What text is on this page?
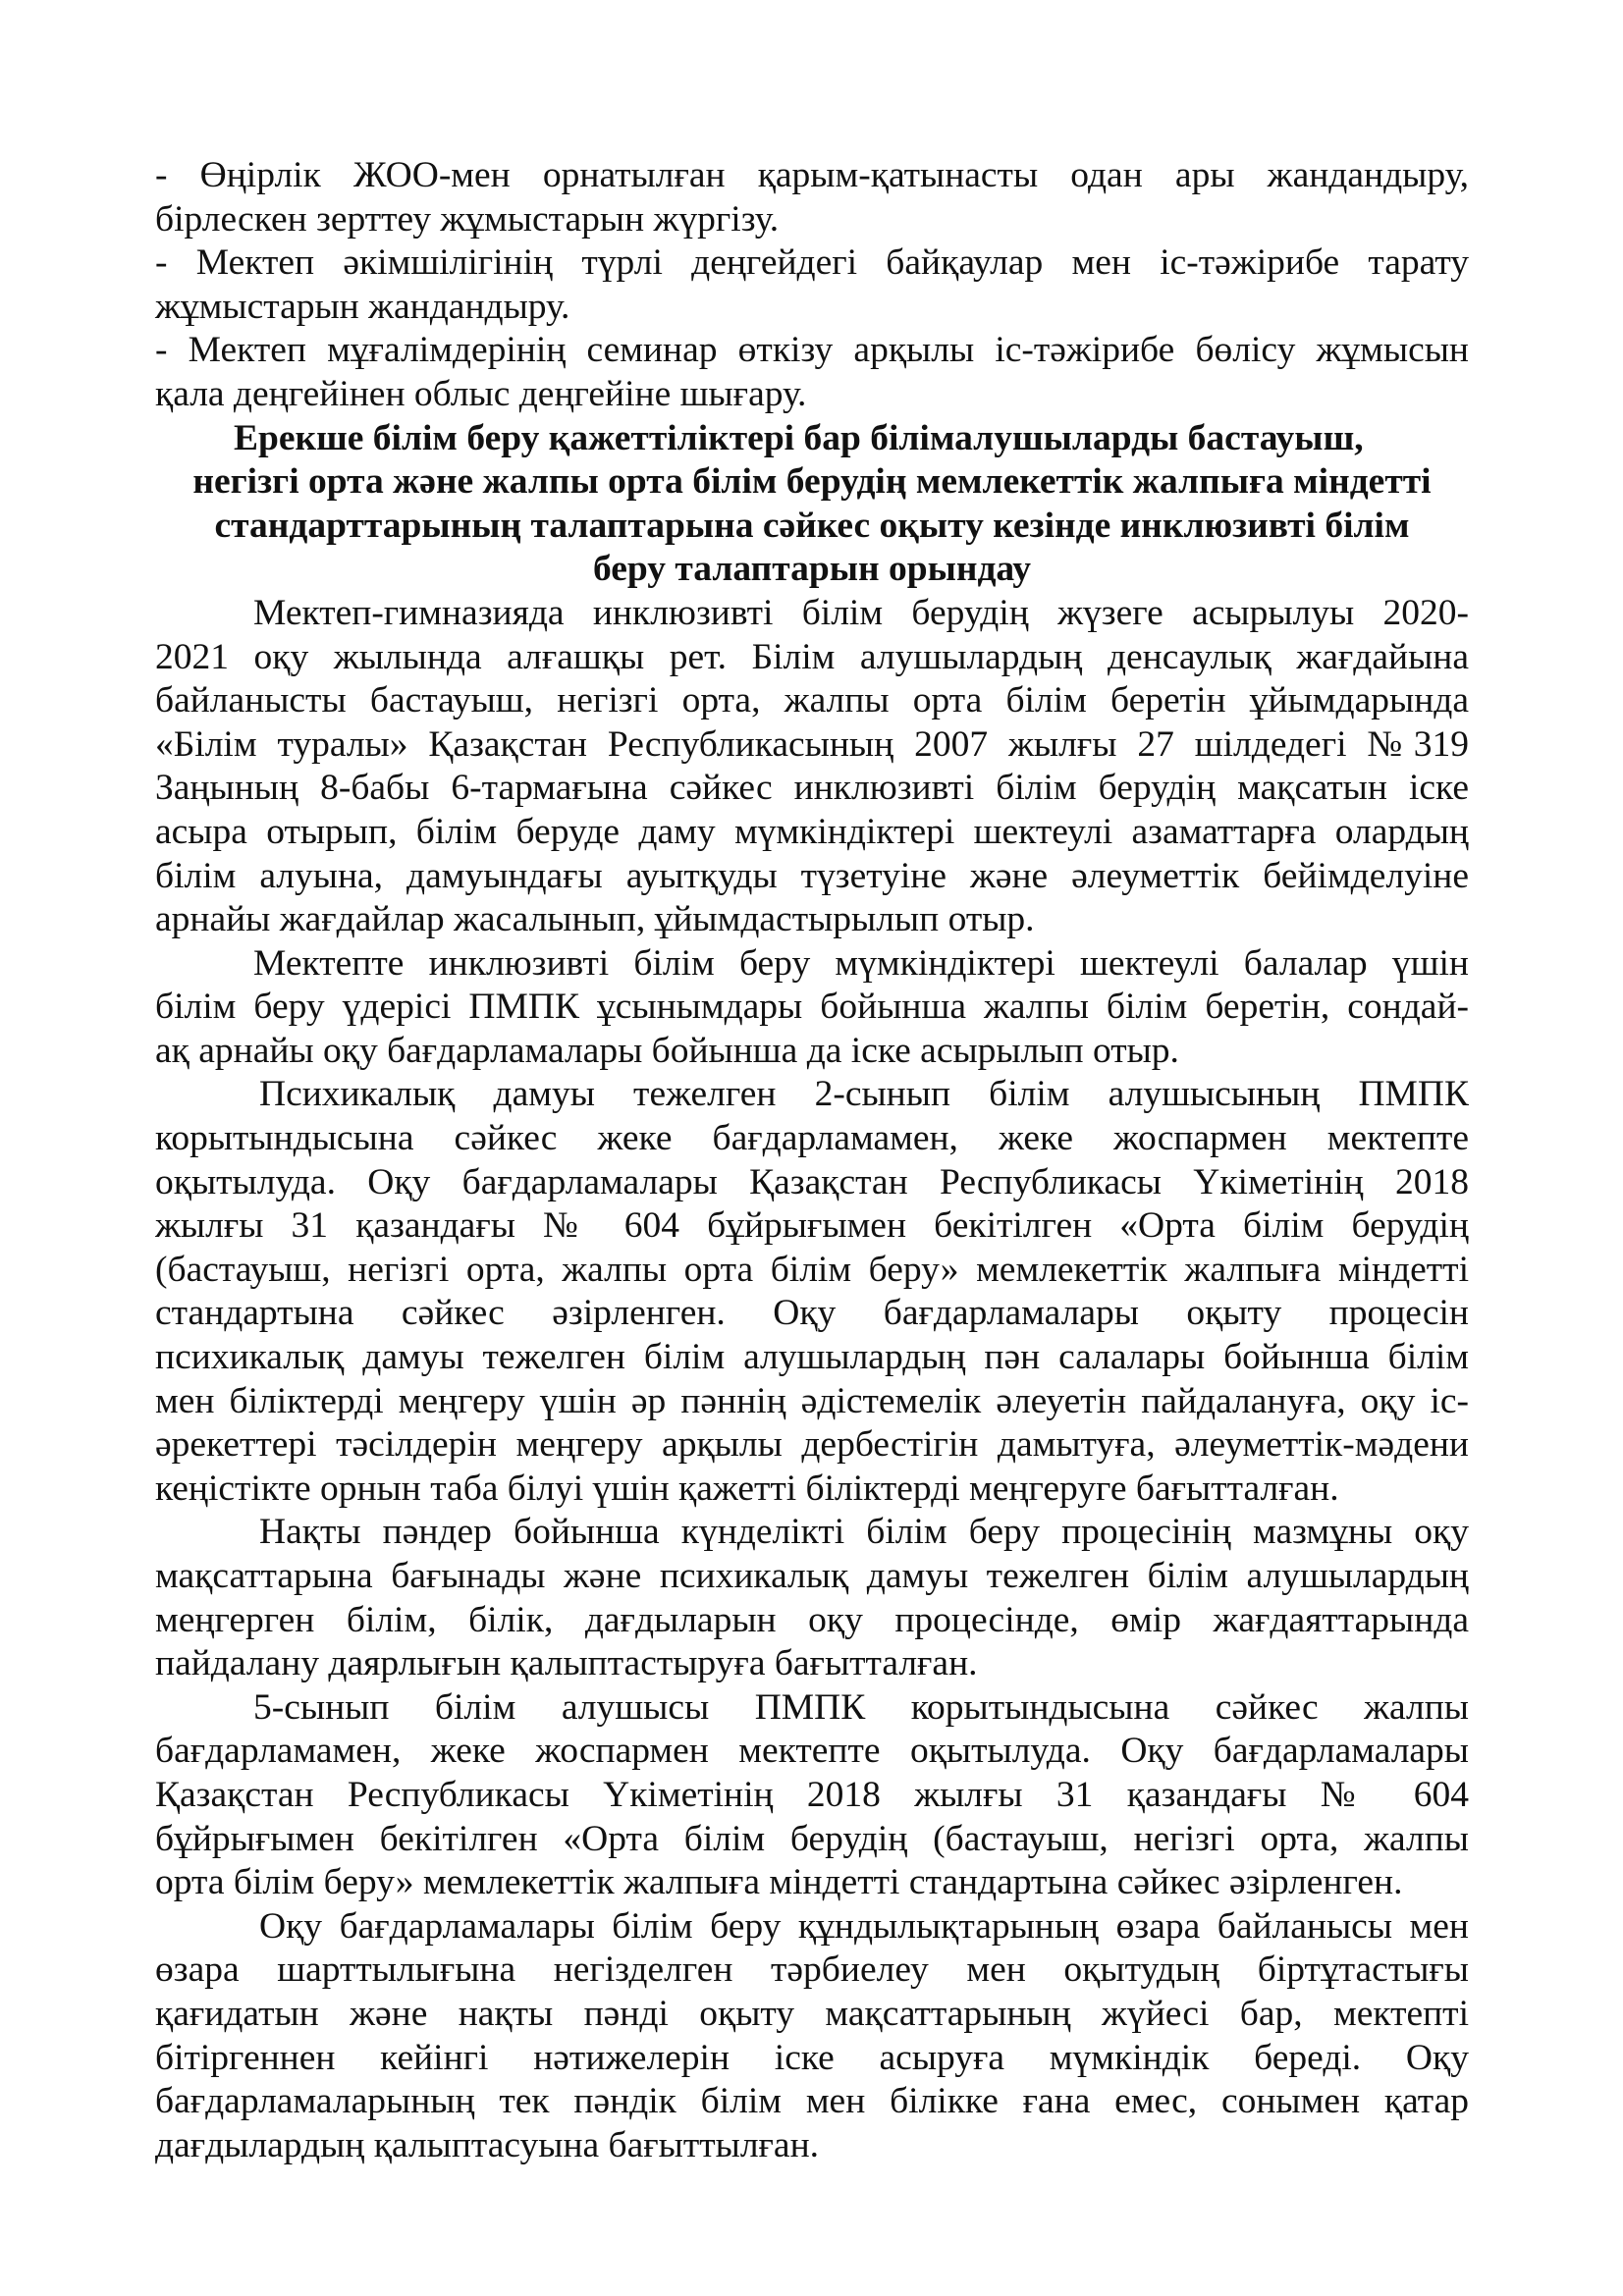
- Өңірлік ЖОО-мен орнатылған қарым-қатынасты одан ары жандандыру,
бірлескен зерттеу жұмыстарын жүргізу.
- Мектеп әкімшілігінің түрлі деңгейдегі байқаулар мен іс-тәжірибе тарату
жұмыстарын жандандыру.
- Мектеп мұғалімдерінің семинар өткізу арқылы іс-тәжірибе бөлісу жұмысын
қала деңгейінен облыс деңгейіне шығару.
Ерекше білім беру қажеттіліктері бар білімалушыларды бастауыш,
негізгі орта және жалпы орта білім берудің мемлекеттік жалпыға міндетті
стандарттарының талаптарына сәйкес оқыту кезінде инклюзивті білім
беру талаптарын орындау
Мектеп-гимназияда инклюзивті білім берудің жүзеге асырылуы 2020-
2021 оқу жылында алғашқы рет. Білім алушылардың денсаулық жағдайына
байланысты бастауыш, негізгі орта, жалпы орта білім беретін ұйымдарында
«Білім туралы» Қазақстан Республикасының 2007 жылғы 27 шілдедегі №319
Заңының 8-бабы 6-тармағына сәйкес инклюзивті білім берудің мақсатын іске
асыра отырып, білім беруде даму мүмкіндіктері шектеулі азаматтарға олардың
білім алуына, дамуындағы ауытқуды түзетуіне және әлеуметтік бейімделуіне
арнайы жағдайлар жасалынып, ұйымдастырылып отыр.
Мектепте инклюзивті білім беру мүмкіндіктері шектеулі балалар үшін
білім беру үдерісі ПМПК ұсынымдары бойынша жалпы білім беретін, сондай-
ақ арнайы оқу бағдарламалары бойынша да іске асырылып отыр.
Психикалық дамуы тежелген 2-сынып білім алушысының ПМПК
корытындысына сәйкес жеке бағдарламамен, жеке жоспармен мектепте
оқытылуда. Оқу бағдарламалары Қазақстан Республикасы Үкіметінің 2018
жылғы 31 қазандағы № 604 бұйрығымен бекітілген «Орта білім берудің
(бастауыш, негізгі орта, жалпы орта білім беру» мемлекеттік жалпыға міндетті
стандартына сәйкес әзірленген. Оқу бағдарламалары оқыту процесін
психикалық дамуы тежелген білім алушылардың пән салалары бойынша білім
мен біліктерді меңгеру үшін әр пәннің әдістемелік әлеуетін пайдалануға, оқу іс-
әрекеттері тәсілдерін меңгеру арқылы дербестігін дамытуға, әлеуметтік-мәдени
кеңістікте орнын таба білуі үшін қажетті біліктерді меңгеруге бағытталған.
Нақты пәндер бойынша күнделікті білім беру процесінің мазмұны оқу
мақсаттарына бағынады және психикалық дамуы тежелген білім алушылардың
меңгерген білім, білік, дағдыларын оқу процесінде, өмір жағдаяттарында
пайдалану даярлығын қалыптастыруға бағытталған.
5-сынып білім алушысы ПМПК корытындысына сәйкес жалпы
бағдарламамен, жеке жоспармен мектепте оқытылуда. Оқу бағдарламалары
Қазақстан Республикасы Үкіметінің 2018 жылғы 31 қазандағы № 604
бұйрығымен бекітілген «Орта білім берудің (бастауыш, негізгі орта, жалпы
орта білім беру» мемлекеттік жалпыға міндетті стандартына сәйкес әзірленген.
Оқу бағдарламалары білім беру құндылықтарының өзара байланысы мен
өзара шарттылығына негізделген тәрбиелеу мен оқытудың біртұтастығы
қағидатын және нақты пәнді оқыту мақсаттарының жүйесі бар, мектепті
бітіргеннен кейінгі нәтижелерін іске асыруға мүмкіндік береді. Оқу
бағдарламаларының тек пәндік білім мен білікке ғана емес, сонымен қатар
дағдылардың қалыптасуына бағыттылған.
